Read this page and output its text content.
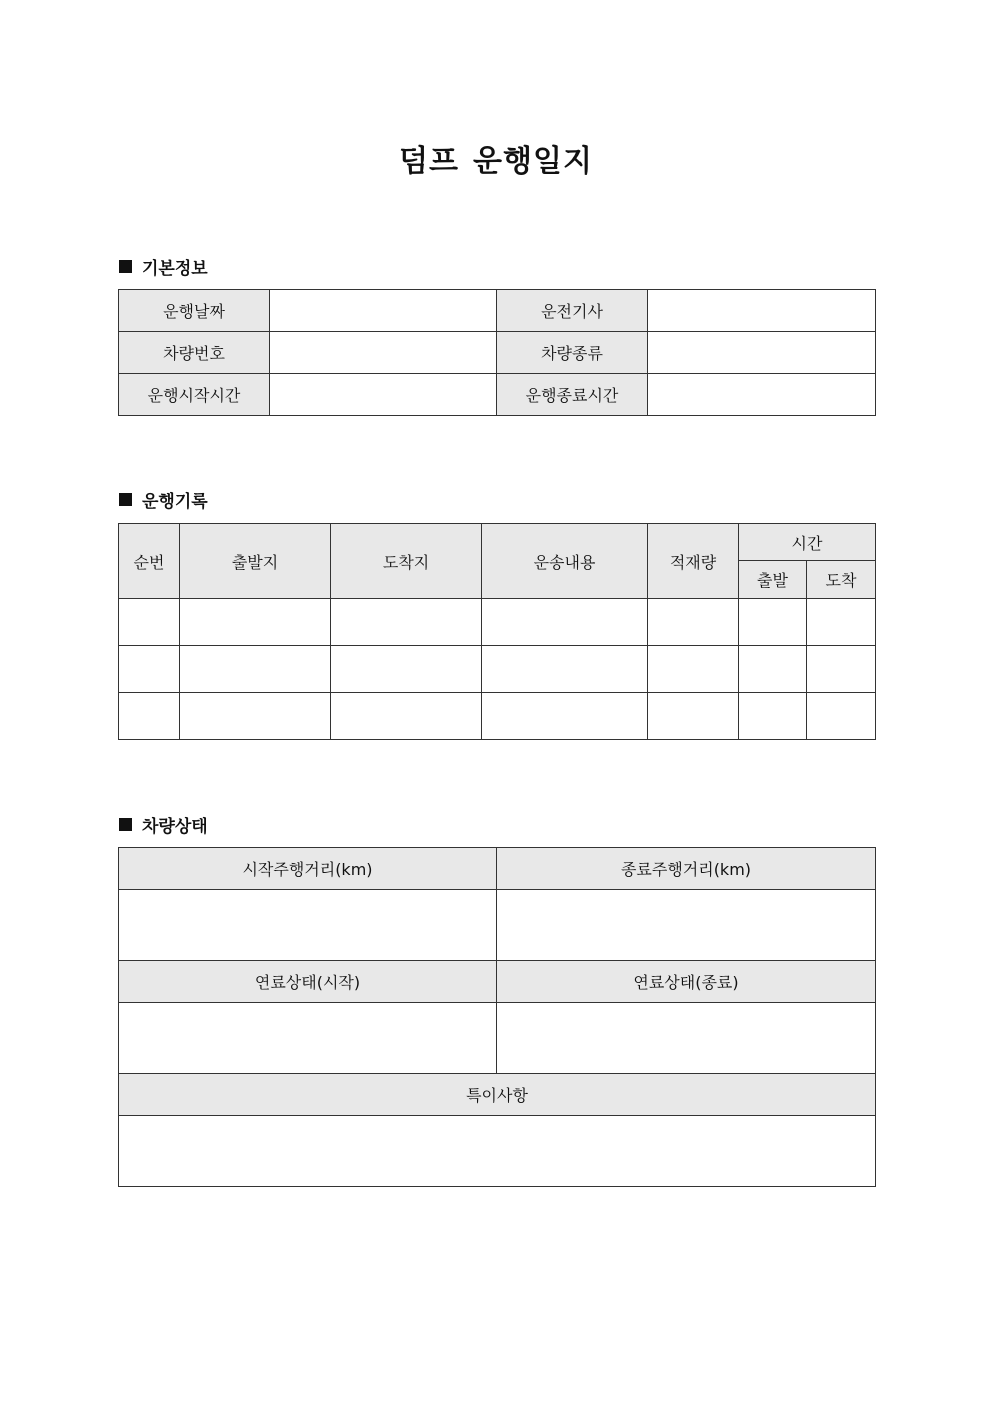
덤프 운행일지
기본정보
운행날짜		운전기사	
차량번호		차량종류	
운행시작시간		운행종료시간	
운행기록
순번	출발지	도착지	운송내용	적재량	시간	
					출발	도착

차량상태
시작주행거리(km)	종료주행거리(km)

연료상태(시작)	연료상태(종료)

특이사항	
